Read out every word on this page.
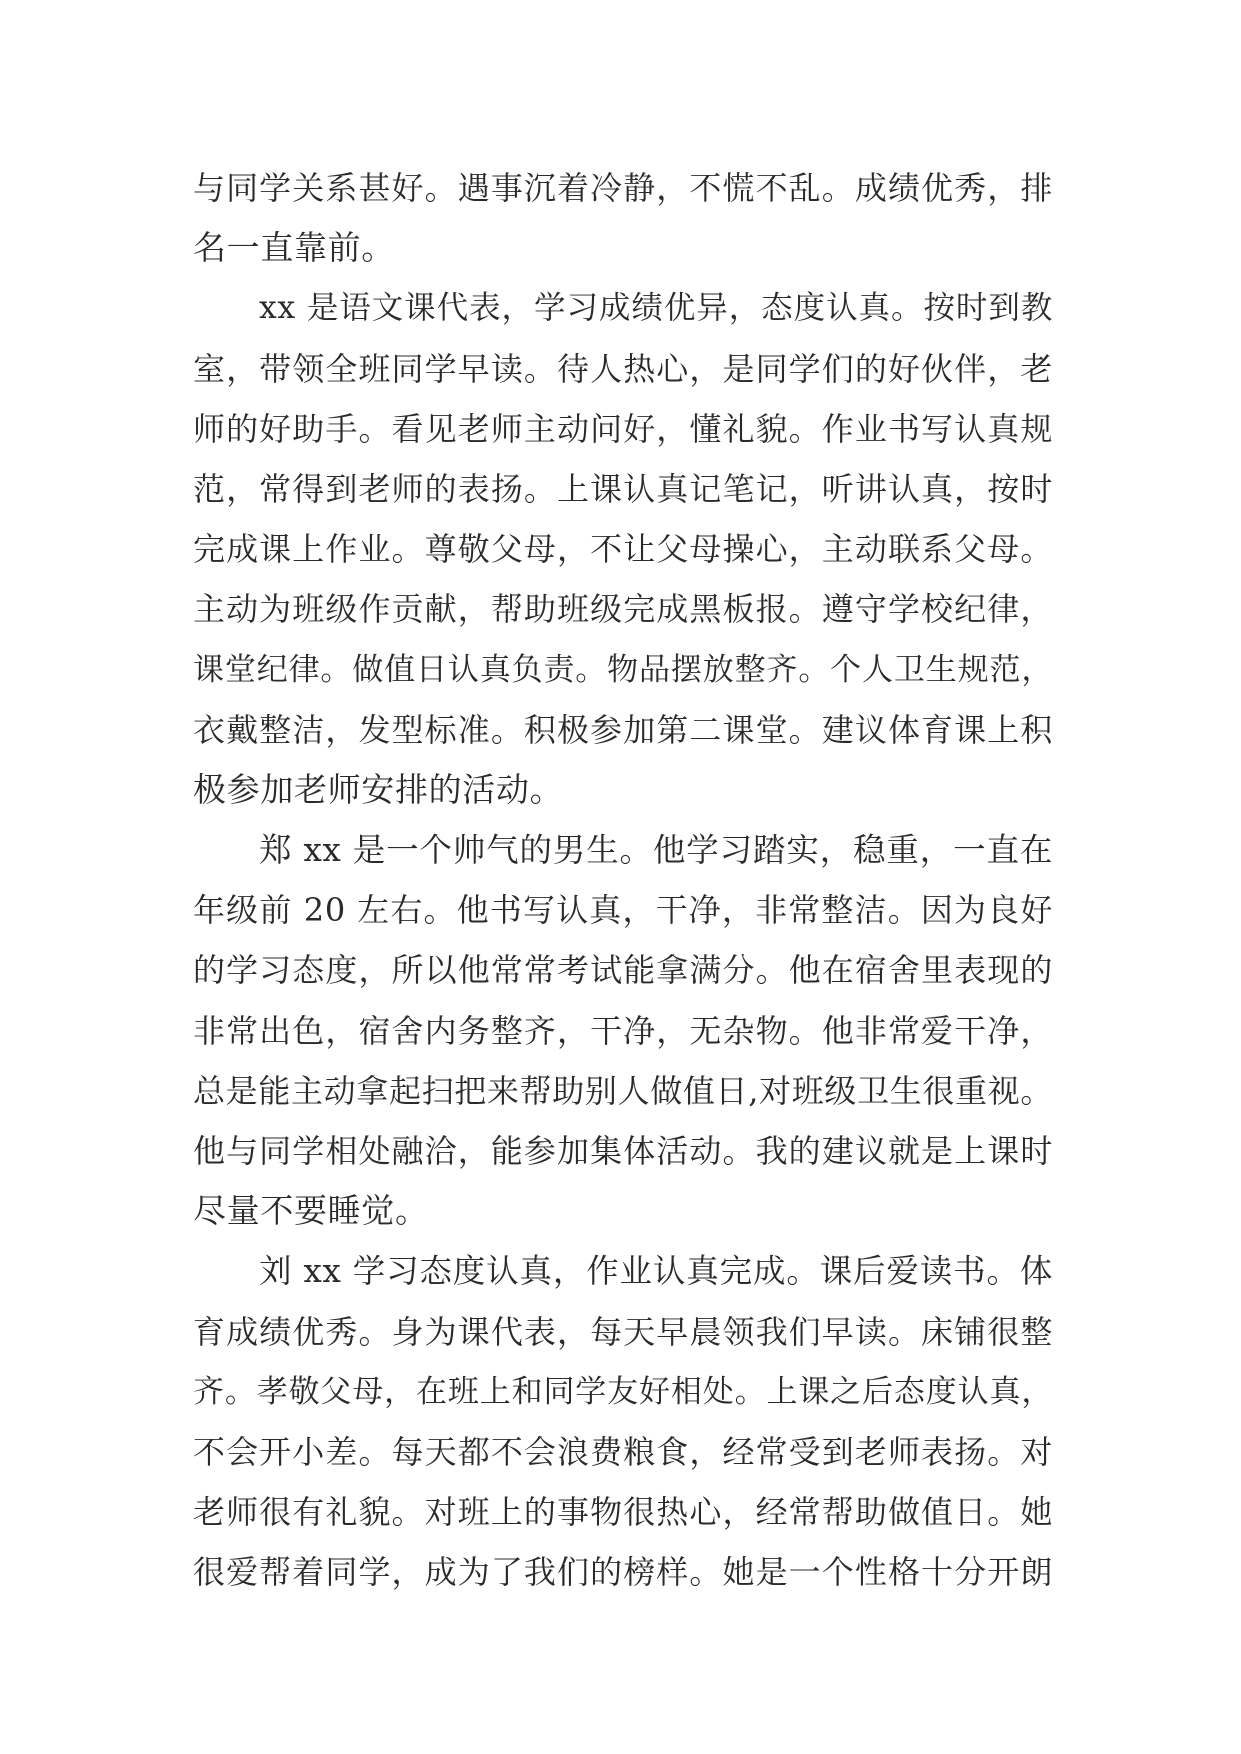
与同学关系甚好。遇事沉着冷静，不慌不乱。成绩优秀，排
名一直靠前。
xx 是语文课代表，学习成绩优异，态度认真。按时到教
室，带领全班同学早读。待人热心，是同学们的好伙伴，老
师的好助手。看见老师主动问好，懂礼貌。作业书写认真规
范，常得到老师的表扬。上课认真记笔记，听讲认真，按时
完成课上作业。尊敬父母，不让父母操心，主动联系父母。
主动为班级作贡献，帮助班级完成黑板报。遵守学校纪律，
课堂纪律。做值日认真负责。物品摆放整齐。个人卫生规范，
衣戴整洁，发型标准。积极参加第二课堂。建议体育课上积
极参加老师安排的活动。
郑 xx 是一个帅气的男生。他学习踏实，稳重，一直在
年级前 20 左右。他书写认真，干净，非常整洁。因为良好
的学习态度，所以他常常考试能拿满分。他在宿舍里表现的
非常出色，宿舍内务整齐，干净，无杂物。他非常爱干净，
总是能主动拿起扫把来帮助别人做值日,对班级卫生很重视。
他与同学相处融洽，能参加集体活动。我的建议就是上课时
尽量不要睡觉。
刘 xx 学习态度认真，作业认真完成。课后爱读书。体
育成绩优秀。身为课代表，每天早晨领我们早读。床铺很整
齐。孝敬父母，在班上和同学友好相处。上课之后态度认真，
不会开小差。每天都不会浪费粮食，经常受到老师表扬。对
老师很有礼貌。对班上的事物很热心，经常帮助做值日。她
很爱帮着同学，成为了我们的榜样。她是一个性格十分开朗
